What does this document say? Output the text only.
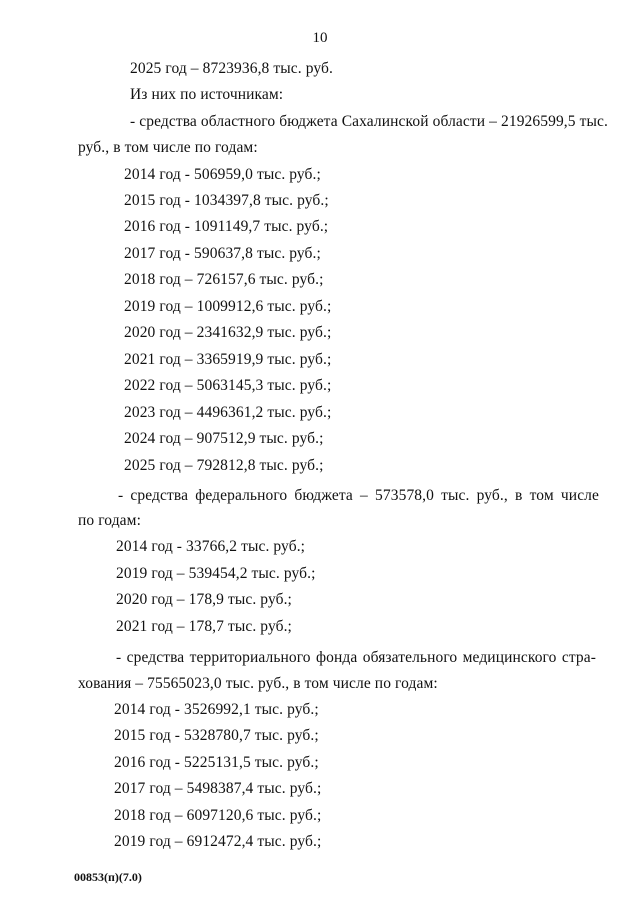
10
2025 год – 8723936,8 тыс. руб.
Из них по источникам:
- средства областного бюджета Сахалинской области – 21926599,5 тыс.
руб., в том числе по годам:
2014 год - 506959,0 тыс. руб.;
2015 год - 1034397,8 тыс. руб.;
2016 год - 1091149,7 тыс. руб.;
2017 год - 590637,8 тыс. руб.;
2018 год – 726157,6 тыс. руб.;
2019 год – 1009912,6 тыс. руб.;
2020 год – 2341632,9 тыс. руб.;
2021 год – 3365919,9 тыс. руб.;
2022 год – 5063145,3 тыс. руб.;
2023 год – 4496361,2 тыс. руб.;
2024 год – 907512,9 тыс. руб.;
2025 год – 792812,8 тыс. руб.;
- средства федерального бюджета – 573578,0 тыс. руб., в том числе
по годам:
2014 год - 33766,2 тыс. руб.;
2019 год – 539454,2 тыс. руб.;
2020 год – 178,9 тыс. руб.;
2021 год – 178,7 тыс. руб.;
- средства территориального фонда обязательного медицинского стра-
хования – 75565023,0 тыс. руб., в том числе по годам:
2014 год - 3526992,1 тыс. руб.;
2015 год - 5328780,7 тыс. руб.;
2016 год - 5225131,5 тыс. руб.;
2017 год – 5498387,4 тыс. руб.;
2018 год – 6097120,6 тыс. руб.;
2019 год – 6912472,4 тыс. руб.;
00853(п)(7.0)
